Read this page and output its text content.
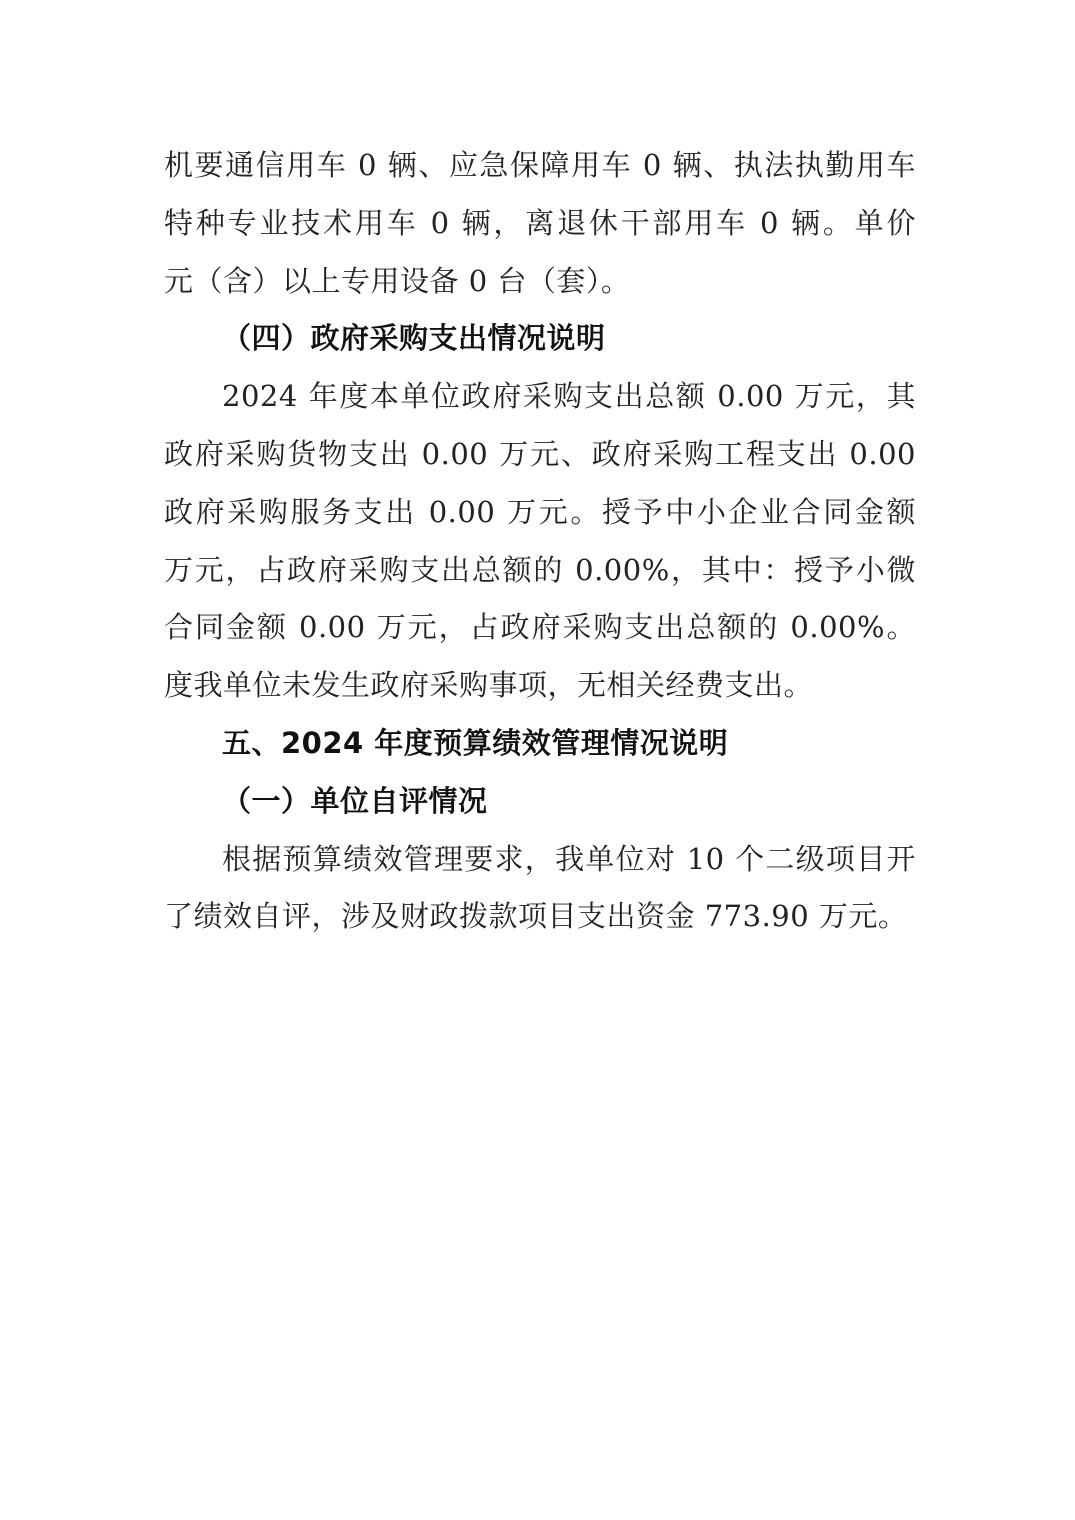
机要通信用车 0 辆、应急保障用车 0 辆、执法执勤用车
特种专业技术用车 0 辆，离退休干部用车 0 辆。单价
元（含）以上专用设备 0 台（套）。
（四）政府采购支出情况说明
2024 年度本单位政府采购支出总额 0.00 万元，其
政府采购货物支出 0.00 万元、政府采购工程支出 0.00
政府采购服务支出 0.00 万元。授予中小企业合同金额
万元，占政府采购支出总额的 0.00%，其中：授予小微
合同金额 0.00 万元，占政府采购支出总额的 0.00%。
度我单位未发生政府采购事项，无相关经费支出。
五、2024 年度预算绩效管理情况说明
（一）单位自评情况
根据预算绩效管理要求，我单位对 10 个二级项目开
了绩效自评，涉及财政拨款项目支出资金 773.90 万元。
